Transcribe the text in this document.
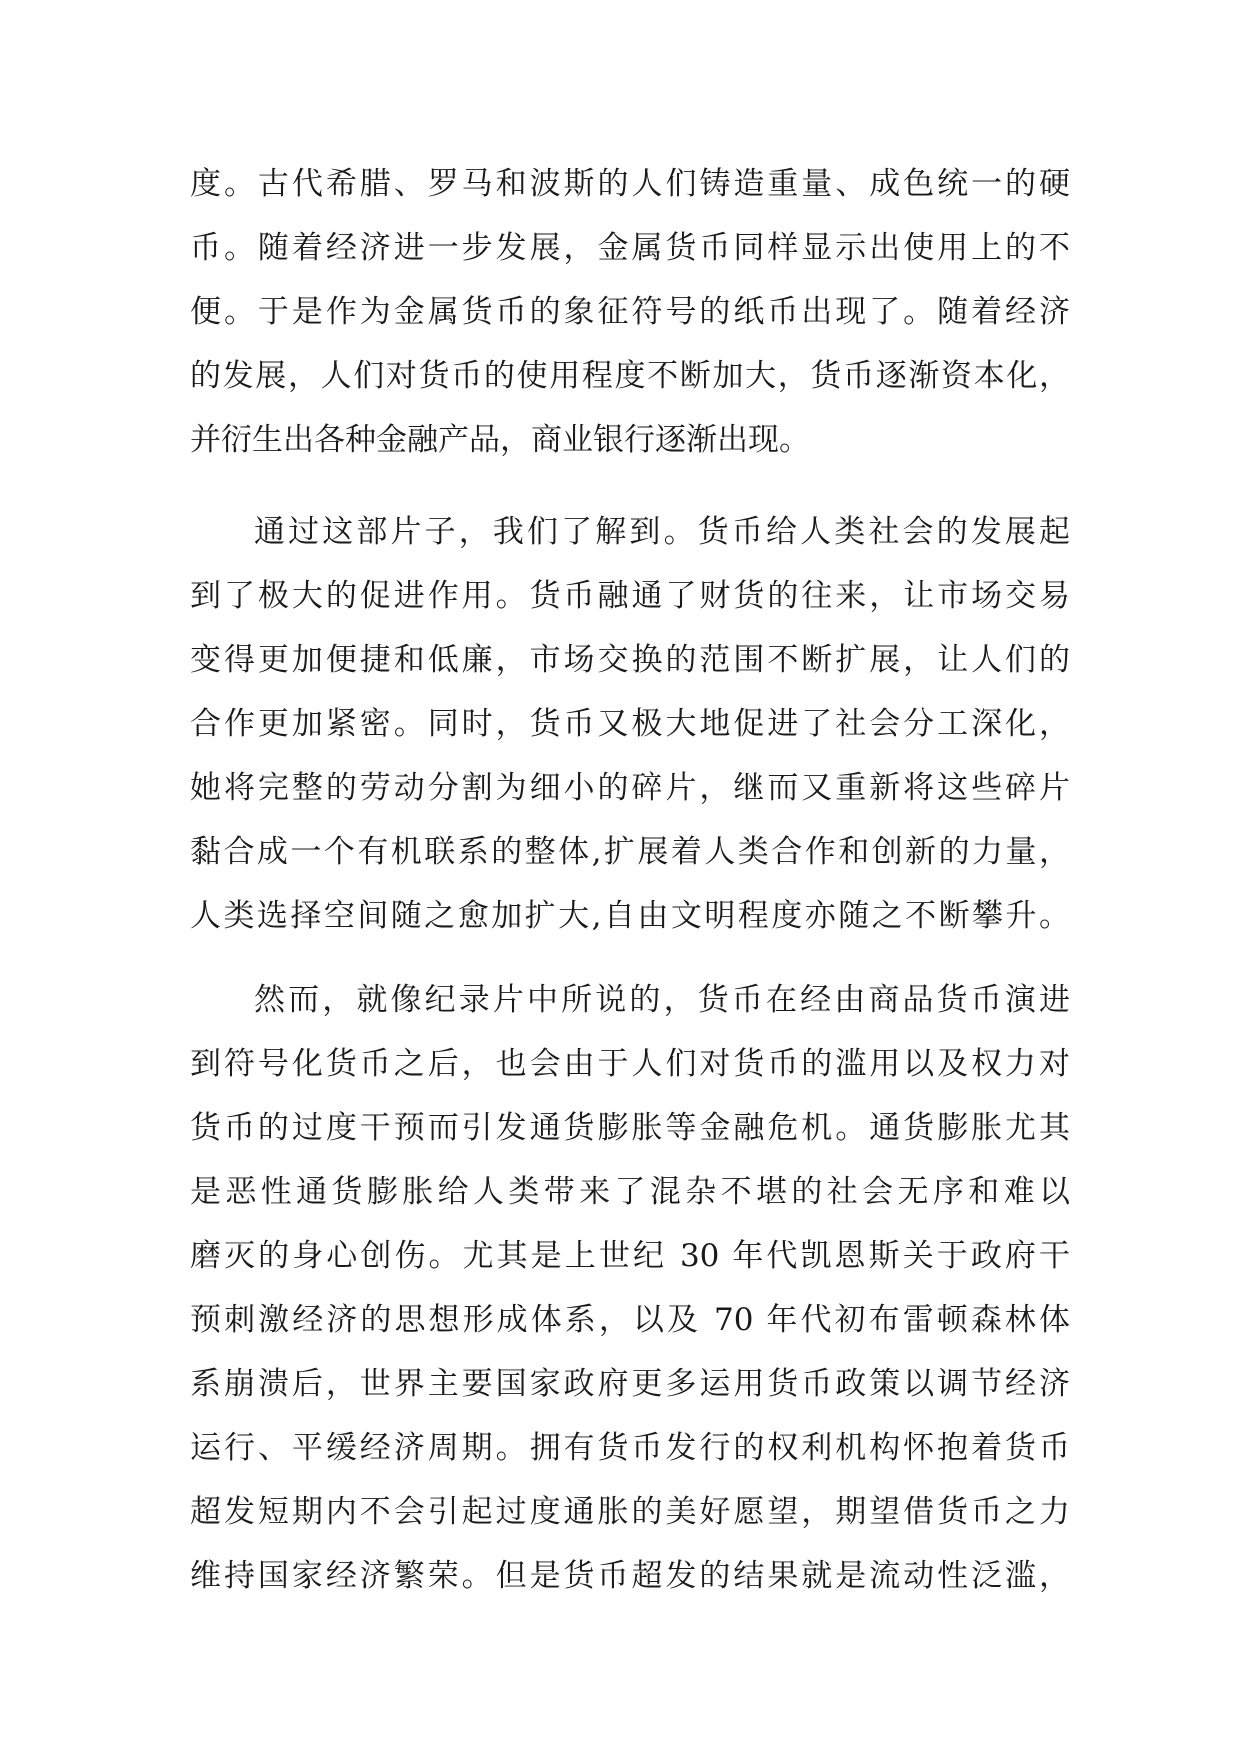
度。古代希腊、罗马和波斯的人们铸造重量、成色统一的硬
币。随着经济进一步发展，金属货币同样显示出使用上的不
便。于是作为金属货币的象征符号的纸币出现了。随着经济
的发展，人们对货币的使用程度不断加大，货币逐渐资本化，
并衍生出各种金融产品，商业银行逐渐出现。
通过这部片子，我们了解到。货币给人类社会的发展起
到了极大的促进作用。货币融通了财货的往来，让市场交易
变得更加便捷和低廉，市场交换的范围不断扩展，让人们的
合作更加紧密。同时，货币又极大地促进了社会分工深化，
她将完整的劳动分割为细小的碎片，继而又重新将这些碎片
黏合成一个有机联系的整体,扩展着人类合作和创新的力量，
人类选择空间随之愈加扩大,自由文明程度亦随之不断攀升。
然而，就像纪录片中所说的，货币在经由商品货币演进
到符号化货币之后，也会由于人们对货币的滥用以及权力对
货币的过度干预而引发通货膨胀等金融危机。通货膨胀尤其
是恶性通货膨胀给人类带来了混杂不堪的社会无序和难以
磨灭的身心创伤。尤其是上世纪 30 年代凯恩斯关于政府干
预刺激经济的思想形成体系，以及 70 年代初布雷顿森林体
系崩溃后，世界主要国家政府更多运用货币政策以调节经济
运行、平缓经济周期。拥有货币发行的权利机构怀抱着货币
超发短期内不会引起过度通胀的美好愿望，期望借货币之力
维持国家经济繁荣。但是货币超发的结果就是流动性泛滥，
